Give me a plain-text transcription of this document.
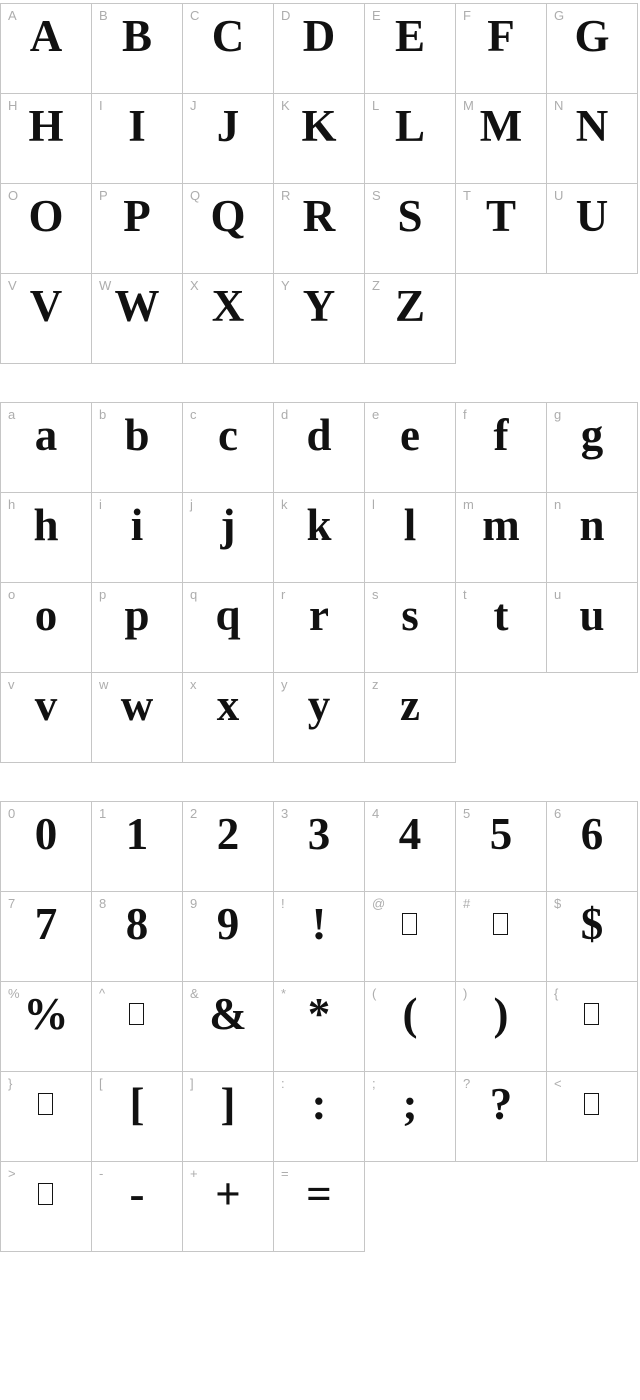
A A	B B	C C	D D	E E	F F	G G
H H	I I	J J	K K	L L	M M	N N
O O	P P	Q Q	R R	S S	T T	U U
V V	W W	X X	Y Y	Z Z
a a	b b	c c	d d	e e	f f	g g
h h	i i	j j	k k	l l	m m	n n
o o	p p	q q	r r	s s	t t	u u
v v	w w	x x	y y	z z
0 0	1 1	2 2	3 3	4 4	5 5	6 6
7 7	8 8	9 9	! !	@	#	$ $
% %	^	& &	* *	( (	) )	{
}	[ [	] ]	: :	; ;	? ?	<
>	- -	+ +	= =
